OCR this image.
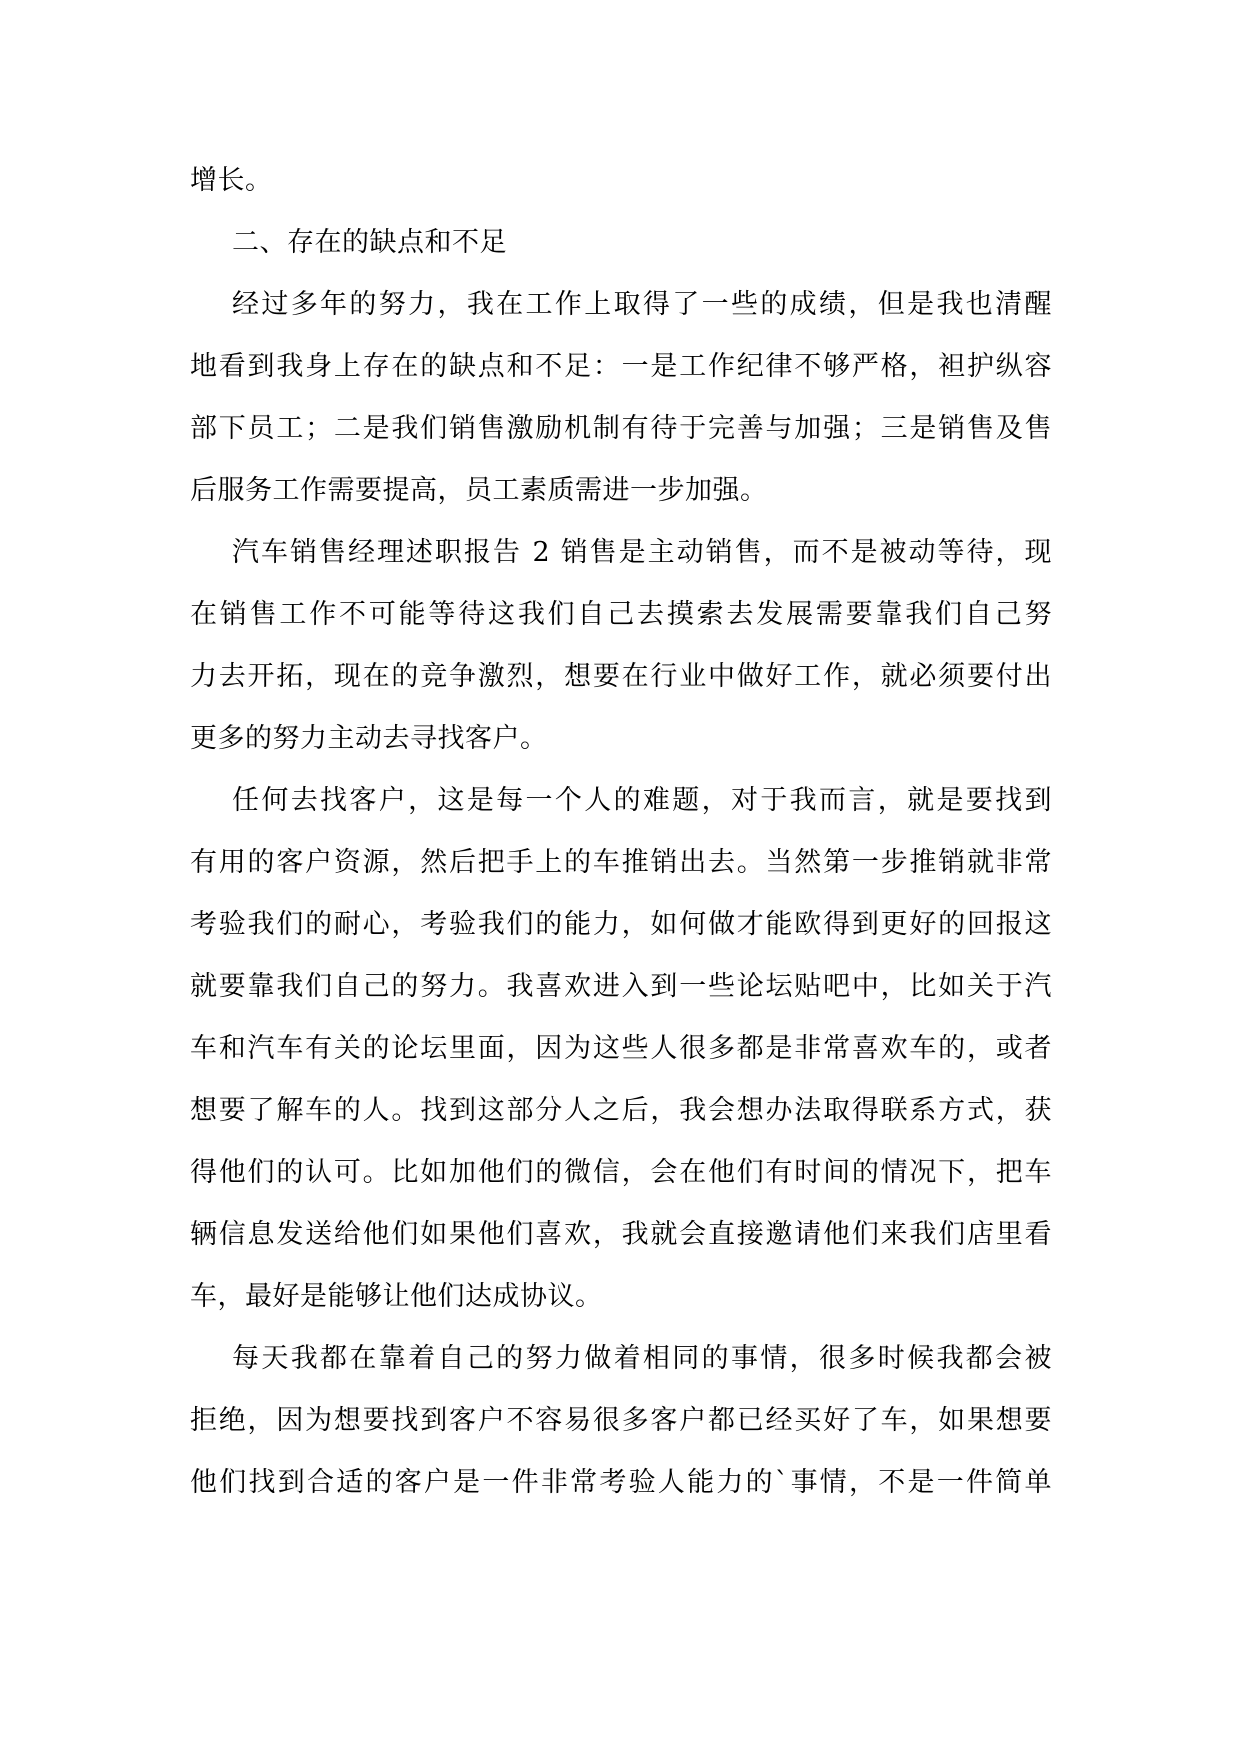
增长。
二、存在的缺点和不足
经过多年的努力，我在工作上取得了一些的成绩，但是我也清醒
地看到我身上存在的缺点和不足：一是工作纪律不够严格，袒护纵容
部下员工；二是我们销售激励机制有待于完善与加强；三是销售及售
后服务工作需要提高，员工素质需进一步加强。
汽车销售经理述职报告 2 销售是主动销售，而不是被动等待，现
在销售工作不可能等待这我们自己去摸索去发展需要靠我们自己努
力去开拓，现在的竞争激烈，想要在行业中做好工作，就必须要付出
更多的努力主动去寻找客户。
任何去找客户，这是每一个人的难题，对于我而言，就是要找到
有用的客户资源，然后把手上的车推销出去。当然第一步推销就非常
考验我们的耐心，考验我们的能力，如何做才能欧得到更好的回报这
就要靠我们自己的努力。我喜欢进入到一些论坛贴吧中，比如关于汽
车和汽车有关的论坛里面，因为这些人很多都是非常喜欢车的，或者
想要了解车的人。找到这部分人之后，我会想办法取得联系方式，获
得他们的认可。比如加他们的微信，会在他们有时间的情况下，把车
辆信息发送给他们如果他们喜欢，我就会直接邀请他们来我们店里看
车，最好是能够让他们达成协议。
每天我都在靠着自己的努力做着相同的事情，很多时候我都会被
拒绝，因为想要找到客户不容易很多客户都已经买好了车，如果想要
他们找到合适的客户是一件非常考验人能力的`事情，不是一件简单
